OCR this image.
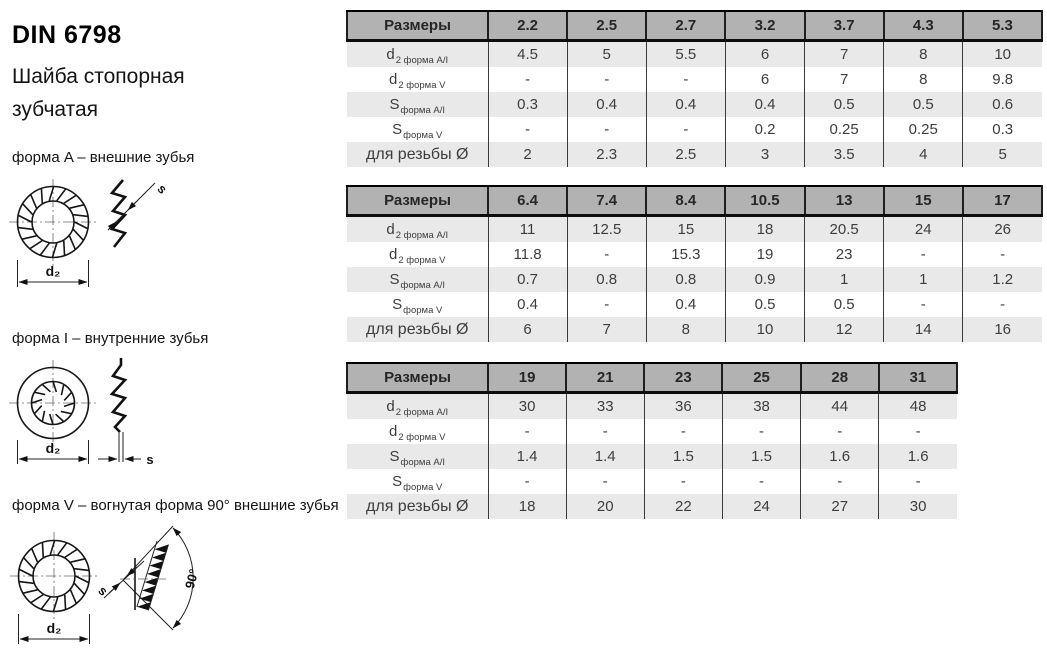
DIN 6798
Шайба стопорная
зубчатая
форма A – внешние зубья
d₂
s
форма I – внутренние зубья
d₂
s
форма V – вогнутая форма 90° внешние зубья
d₂
90°
s
Размеры	2.2	2.5	2.7	3.2	3.7	4.3	5.3
$d_{2 форма A/I}$	4.5	5	5.5	6	7	8	10
$d_{2 форма V}$	-	-	-	6	7	8	9.8
$S_{форма A/I}$	0.3	0.4	0.4	0.4	0.5	0.5	0.6
$S_{форма V}$	-	-	-	0.2	0.25	0.25	0.3
для резьбы Ø	2	2.3	2.5	3	3.5	4	5
Размеры	6.4	7.4	8.4	10.5	13	15	17
$d_{2 форма A/I}$	11	12.5	15	18	20.5	24	26
$d_{2 форма V}$	11.8	-	15.3	19	23	-	-
$S_{форма A/I}$	0.7	0.8	0.8	0.9	1	1	1.2
$S_{форма V}$	0.4	-	0.4	0.5	0.5	-	-
для резьбы Ø	6	7	8	10	12	14	16
Размеры	19	21	23	25	28	31
$d_{2 форма A/I}$	30	33	36	38	44	48
$d_{2 форма V}$	-	-	-	-	-	-
$S_{форма A/I}$	1.4	1.4	1.5	1.5	1.6	1.6
$S_{форма V}$	-	-	-	-	-	-
для резьбы Ø	18	20	22	24	27	30
